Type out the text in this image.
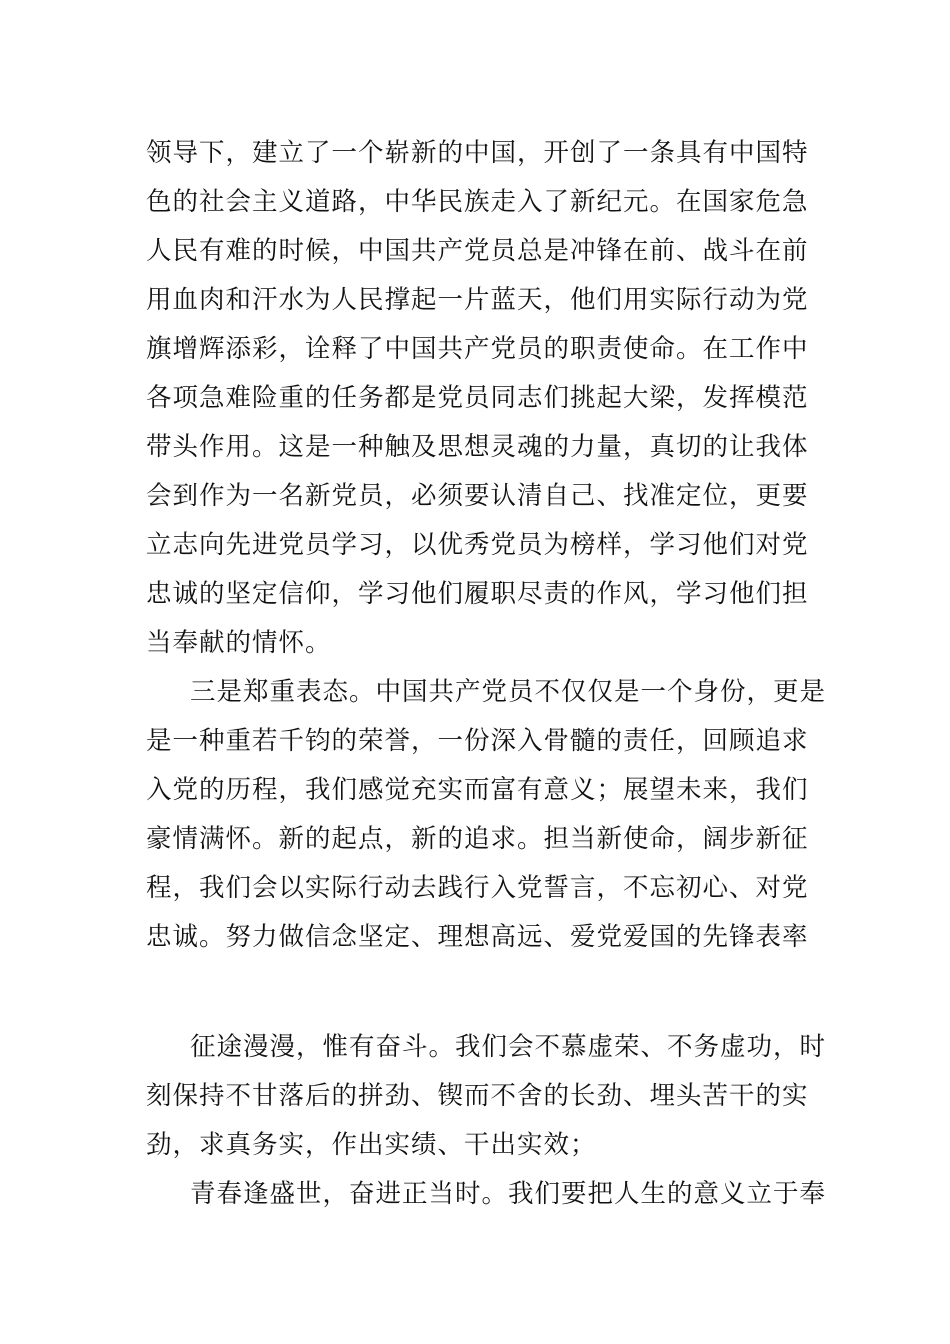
领导下，建立了一个崭新的中国，开创了一条具有中国特
色的社会主义道路，中华民族走入了新纪元。在国家危急
人民有难的时候，中国共产党员总是冲锋在前、战斗在前
用血肉和汗水为人民撑起一片蓝天，他们用实际行动为党
旗增辉添彩，诠释了中国共产党员的职责使命。在工作中
各项急难险重的任务都是党员同志们挑起大梁，发挥模范
带头作用。这是一种触及思想灵魂的力量，真切的让我体
会到作为一名新党员，必须要认清自己、找准定位，更要
立志向先进党员学习，以优秀党员为榜样，学习他们对党
忠诚的坚定信仰，学习他们履职尽责的作风，学习他们担
当奉献的情怀。
三是郑重表态。中国共产党员不仅仅是一个身份，更是
是一种重若千钧的荣誉，一份深入骨髓的责任，回顾追求
入党的历程，我们感觉充实而富有意义；展望未来，我们
豪情满怀。新的起点，新的追求。担当新使命，阔步新征
程，我们会以实际行动去践行入党誓言，不忘初心、对党
忠诚。努力做信念坚定、理想高远、爱党爱国的先锋表率
征途漫漫，惟有奋斗。我们会不慕虚荣、不务虚功，时
刻保持不甘落后的拼劲、锲而不舍的长劲、埋头苦干的实
劲，求真务实，作出实绩、干出实效；
青春逢盛世，奋进正当时。我们要把人生的意义立于奉
